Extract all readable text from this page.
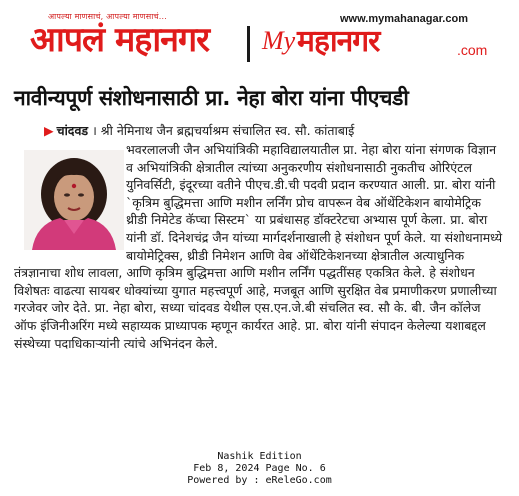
आपल्या माणसाचं, आपल्या माणसाचं...
आपलं महानगर
www.mymahanagar.com
My महानगर	.com
नावीन्यपूर्ण संशोधनासाठी प्रा. नेहा बोरा यांना पीएचडी
▶ चांदवड । श्री नेमिनाथ जैन ब्रह्मचर्याश्रम संचालित स्व. सौ. कांताबाई

भवरलालजी जैन अभियांत्रिकी महाविद्यालयातील प्रा. नेहा बोरा यांना संगणक विज्ञान व अभियांत्रिकी क्षेत्रातील त्यांच्या अनुकरणीय संशोधनासाठी नुकतीच ओरिएंटल युनिवर्सिटी, इंदूरच्या वतीने पीएच.डी.ची पदवी प्रदान करण्यात आली. प्रा. बोरा यांनी `कृत्रिम बुद्धिमत्ता आणि मशीन लर्निंग प्रोच वापरून वेब ऑथेंटिकेशन बायोमेट्रिक थ्रीडी निमेटेड कॅप्चा सिस्टम` या प्रबंधासह डॉक्टरेटचा अभ्यास पूर्ण केला. प्रा. बोरा यांनी डॉ. दिनेशचंद्र जैन यांच्या मार्गदर्शनाखाली हे संशोधन पूर्ण केले. या संशोधनामध्ये बायोमेट्रिक्स, थ्रीडी निमेशन आणि वेब ऑथेंटिकेशनच्या क्षेत्रातील अत्याधुनिक तंत्रज्ञानाचा शोध लावला, आणि कृत्रिम बुद्धिमत्ता आणि मशीन लर्निंग पद्धतींसह एकत्रित केले. हे संशोधन विशेषतः वाढत्या सायबर धोक्यांच्या युगात महत्त्वपूर्ण आहे, मजबूत आणि सुरक्षित वेब प्रमाणीकरण प्रणालीच्या गरजेवर जोर देते. प्रा. नेहा बोरा, सध्या चांदवड येथील एस.एन.जे.बी संचलित स्व. सौ के. बी. जैन कॉलेज ऑफ इंजिनीअरिंग मध्ये सहाय्यक प्राध्यापक म्हणून कार्यरत आहे. प्रा. बोरा यांनी संपादन केलेल्या यशाबद्दल संस्थेच्या पदाधिकाऱ्यांनी त्यांचे अभिनंदन केले.

Nashik Edition
Feb 8, 2024 Page No. 6
Powered by : eReleGo.com
